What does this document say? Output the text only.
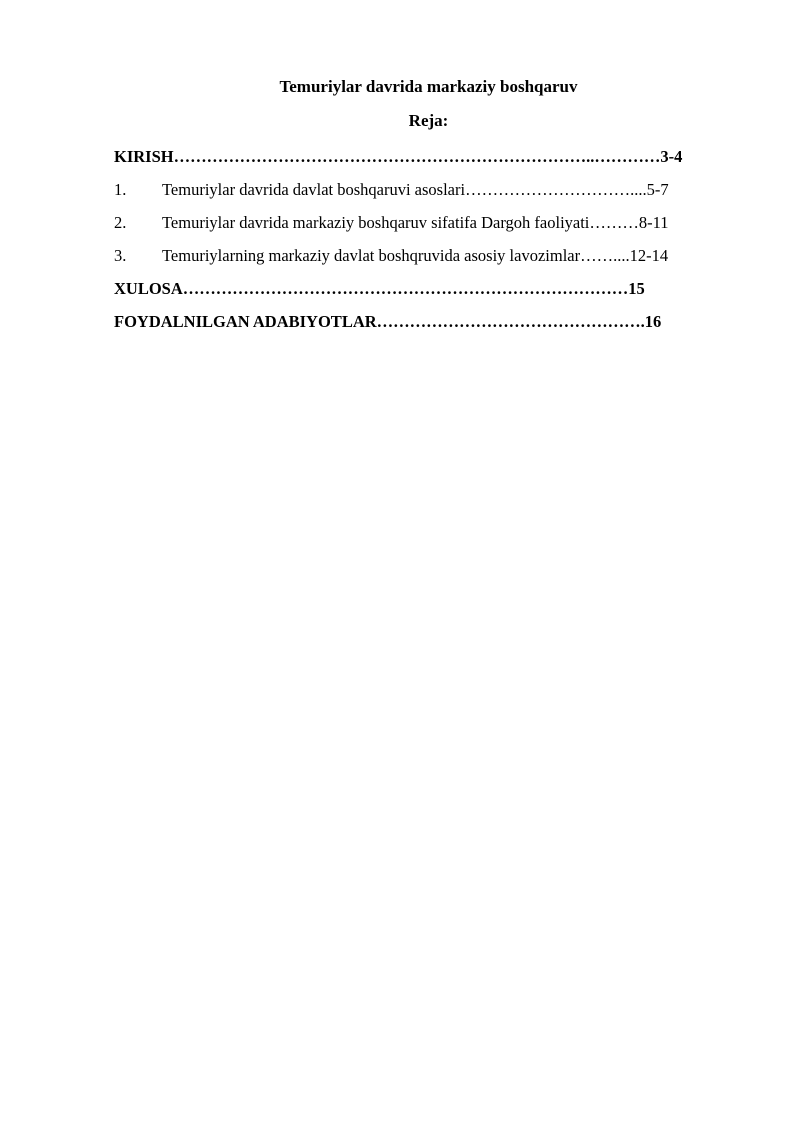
Temuriylar davrida markaziy boshqaruv
Reja:
KIRISH…………………………………………………………………..…………3-4
1. Temuriylar davrida davlat boshqaruvi asoslari…………………………....5-7
2. Temuriylar davrida markaziy boshqaruv sifatifa Dargoh faoliyati………8-11
3. Temuriylarning markaziy davlat boshqruvida asosiy lavozimlar……....12-14
XULOSA………………………………………………………………………15
FOYDALNILGAN ADABIYOTLAR………………………………………….16
